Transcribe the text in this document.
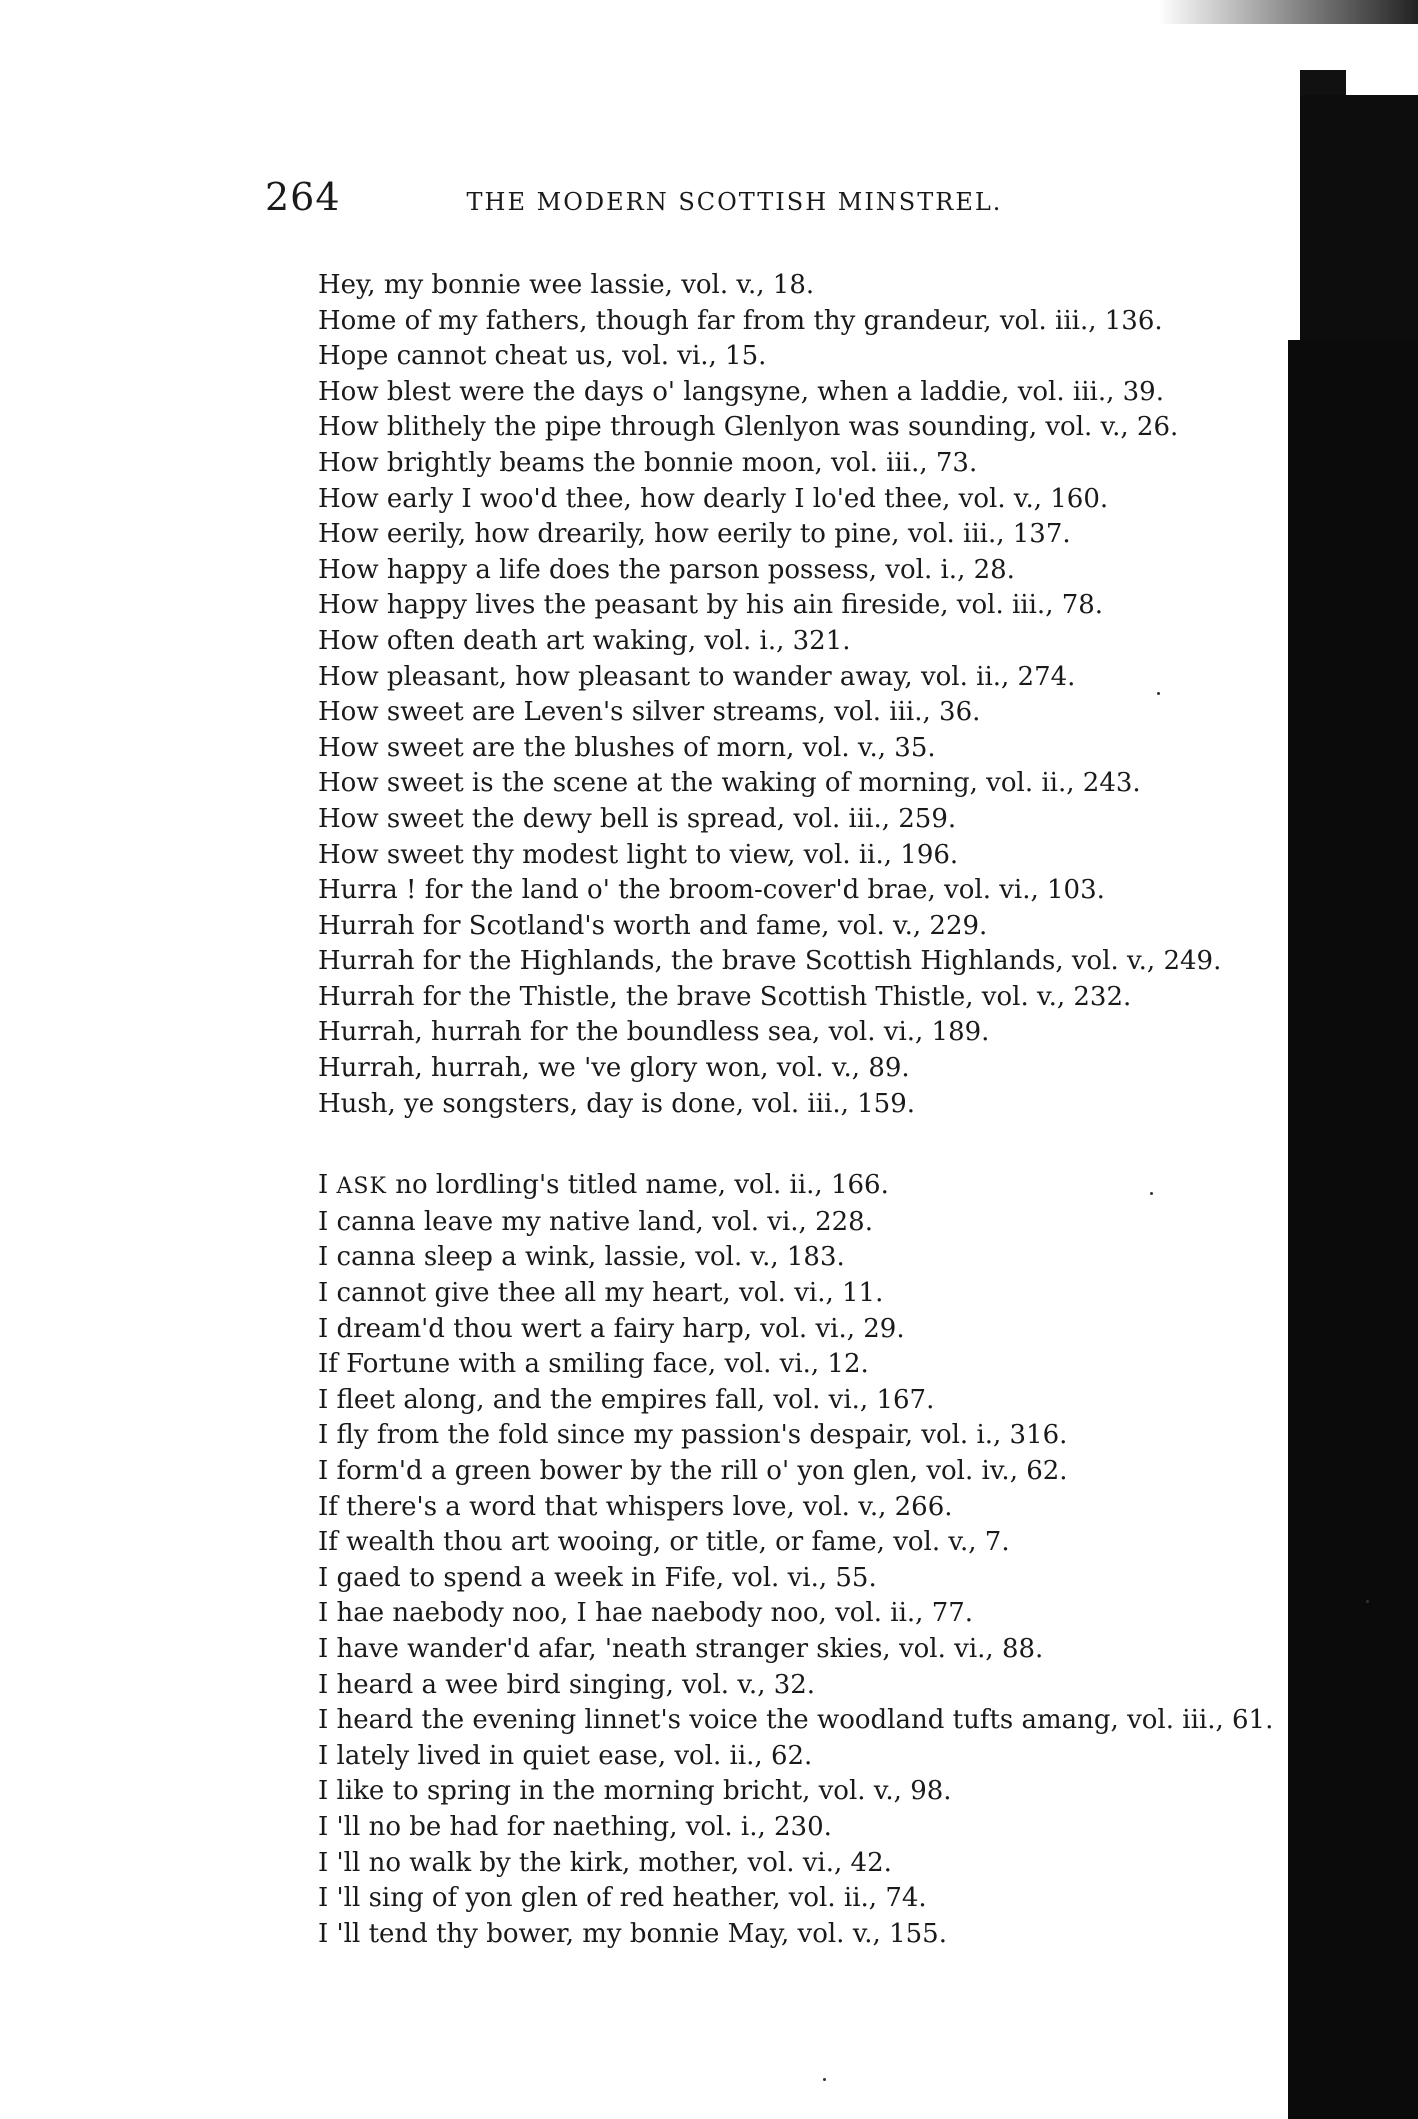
264	THE MODERN SCOTTISH MINSTREL.

Hey, my bonnie wee lassie, vol. v., 18.

Home of my fathers, though far from thy grandeur, vol. iii., 136.

Hope cannot cheat us, vol. vi., 15.

How blest were the days o' langsyne, when a laddie, vol. iii., 39.

How blithely the pipe through Glenlyon was sounding, vol. v., 26.

How brightly beams the bonnie moon, vol. iii., 73.

How early I woo'd thee, how dearly I lo'ed thee, vol. v., 160.

How eerily, how drearily, how eerily to pine, vol. iii., 137.

How happy a life does the parson possess, vol. i., 28.

How happy lives the peasant by his ain fireside, vol. iii., 78.

How often death art waking, vol. i., 321.

How pleasant, how pleasant to wander away, vol. ii., 274.

How sweet are Leven's silver streams, vol. iii., 36.

How sweet are the blushes of morn, vol. v., 35.

How sweet is the scene at the waking of morning, vol. ii., 243.

How sweet the dewy bell is spread, vol. iii., 259.

How sweet thy modest light to view, vol. ii., 196.

Hurra ! for the land o' the broom-cover'd brae, vol. vi., 103.

Hurrah for Scotland's worth and fame, vol. v., 229.

Hurrah for the Highlands, the brave Scottish Highlands, vol. v., 249.

Hurrah for the Thistle, the brave Scottish Thistle, vol. v., 232.

Hurrah, hurrah for the boundless sea, vol. vi., 189.

Hurrah, hurrah, we 've glory won, vol. v., 89.

Hush, ye songsters, day is done, vol. iii., 159.

I ASK no lordling's titled name, vol. ii., 166.

I canna leave my native land, vol. vi., 228.

I canna sleep a wink, lassie, vol. v., 183.

I cannot give thee all my heart, vol. vi., 11.

I dream'd thou wert a fairy harp, vol. vi., 29.

If Fortune with a smiling face, vol. vi., 12.

I fleet along, and the empires fall, vol. vi., 167.

I fly from the fold since my passion's despair, vol. i., 316.

I form'd a green bower by the rill o' yon glen, vol. iv., 62.

If there's a word that whispers love, vol. v., 266.

If wealth thou art wooing, or title, or fame, vol. v., 7.

I gaed to spend a week in Fife, vol. vi., 55.

I hae naebody noo, I hae naebody noo, vol. ii., 77.

I have wander'd afar, 'neath stranger skies, vol. vi., 88.

I heard a wee bird singing, vol. v., 32.

I heard the evening linnet's voice the woodland tufts amang, vol. iii., 61.

I lately lived in quiet ease, vol. ii., 62.

I like to spring in the morning bricht, vol. v., 98.

I 'll no be had for naething, vol. i., 230.

I 'll no walk by the kirk, mother, vol. vi., 42.

I 'll sing of yon glen of red heather, vol. ii., 74.

I 'll tend thy bower, my bonnie May, vol. v., 155.
